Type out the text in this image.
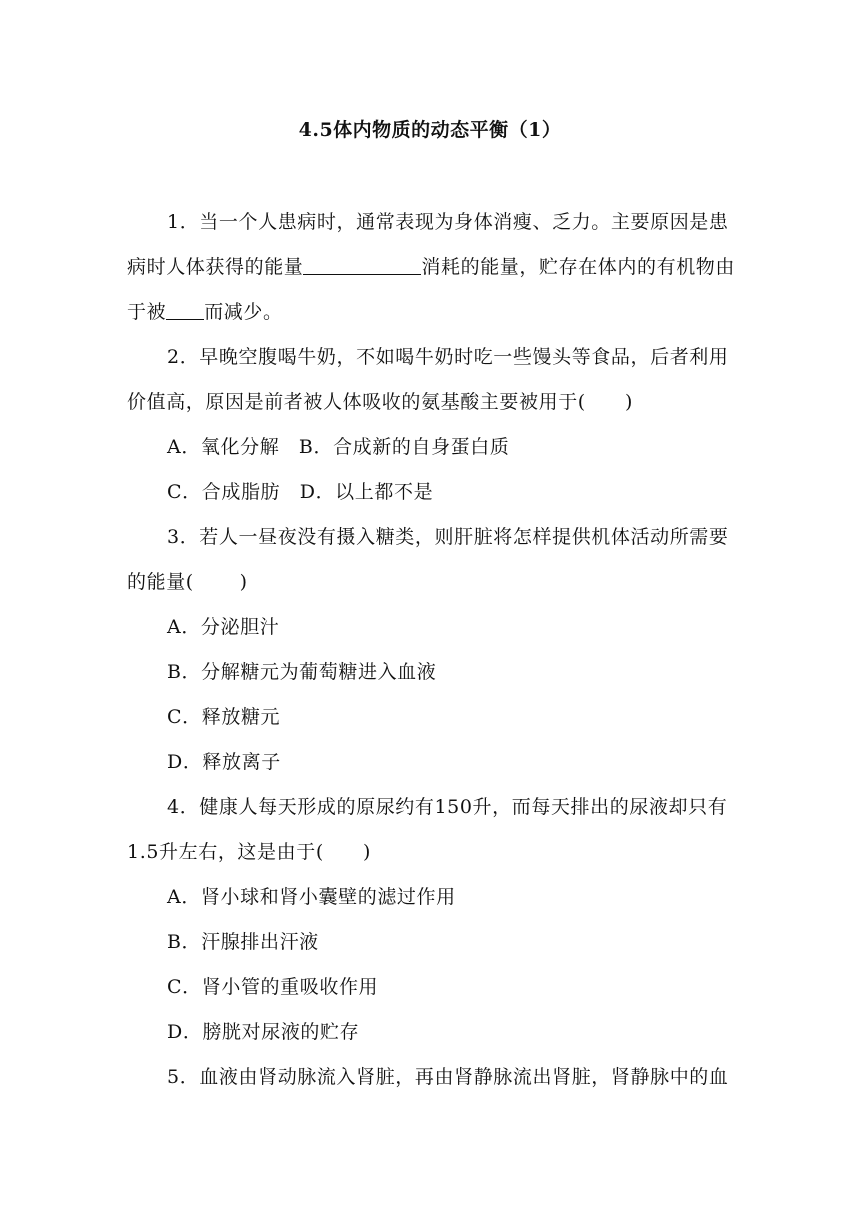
4.5体内物质的动态平衡（1）

1．当一个人患病时，通常表现为身体消瘦、乏力。主要原因是患病时人体获得的能量	消耗的能量，贮存在体内的有机物由于被 而减少。

2．早晚空腹喝牛奶，不如喝牛奶时吃一些馒头等食品，后者利用价值高，原因是前者被人体吸收的氨基酸主要被用于(　　)

A．氧化分解　B．合成新的自身蛋白质

C．合成脂肪　D．以上都不是

3．若人一昼夜没有摄入糖类，则肝脏将怎样提供机体活动所需要的能量(　　 )

A．分泌胆汁

B．分解糖元为葡萄糖进入血液

C．释放糖元

D．释放离子

4．健康人每天形成的原尿约有150升，而每天排出的尿液却只有1.5升左右，这是由于(　　)

A．肾小球和肾小囊壁的滤过作用

B．汗腺排出汗液

C．肾小管的重吸收作用

D．膀胱对尿液的贮存

5．血液由肾动脉流入肾脏，再由肾静脉流出肾脏，肾静脉中的血
